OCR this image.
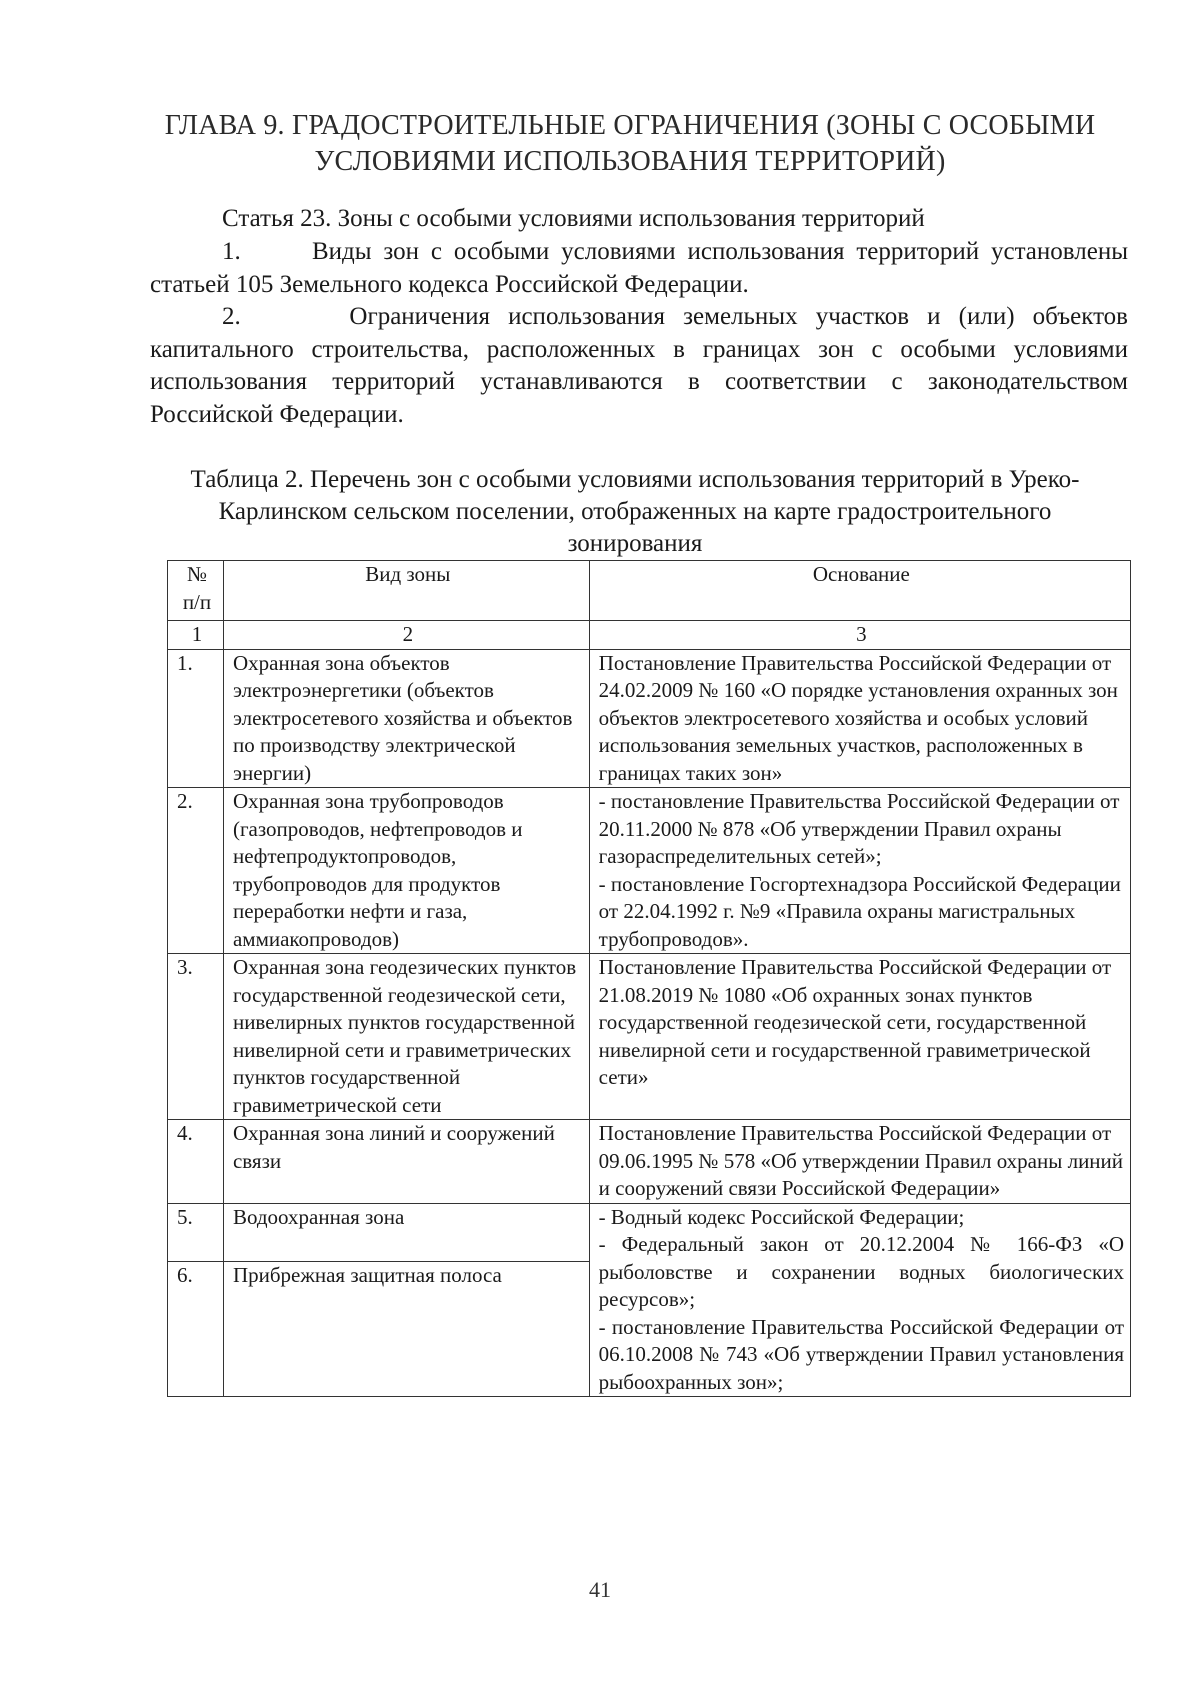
ГЛАВА 9. ГРАДОСТРОИТЕЛЬНЫЕ ОГРАНИЧЕНИЯ (ЗОНЫ С ОСОБЫМИ
УСЛОВИЯМИ ИСПОЛЬЗОВАНИЯ ТЕРРИТОРИЙ)
Статья 23. Зоны с особыми условиями использования территорий
1.      Виды зон с особыми условиями использования территорий установлены статьей 105 Земельного кодекса Российской Федерации.
2.      Ограничения использования земельных участков и (или) объектов капитального строительства, расположенных в границах зон с особыми условиями использования территорий устанавливаются в соответствии с законодательством Российской Федерации.
Таблица 2. Перечень зон с особыми условиями использования территорий в Уреко-Карлинском сельском поселении, отображенных на карте градостроительного зонирования
№ п/п	Вид зоны	Основание
1	2	3
1.	Охранная зона объектов электроэнергетики (объектов электросетевого хозяйства и объектов по производству электрической энергии)	Постановление Правительства Российской Федерации от 24.02.2009 № 160 «О порядке установления охранных зон объектов электросетевого хозяйства и особых условий использования земельных участков, расположенных в границах таких зон»

2.	Охранная зона трубопроводов (газопроводов, нефтепроводов и нефтепродуктопроводов, трубопроводов для продуктов переработки нефти и газа, аммиакопроводов)	- постановление Правительства Российской Федерации от 20.11.2000 № 878 «Об утверждении Правил охраны газораспределительных сетей»;

- постановление Госгортехнадзора Российской Федерации от 22.04.1992 г. №9 «Правила охраны магистральных трубопроводов».

3.	Охранная зона геодезических пунктов государственной геодезической сети, нивелирных пунктов государственной нивелирной сети и гравиметрических пунктов государственной гравиметрической сети	Постановление Правительства Российской Федерации от 21.08.2019 № 1080 «Об охранных зонах пунктов государственной геодезической сети, государственной нивелирной сети и государственной гравиметрической сети»

4.	Охранная зона линий и сооружений связи	Постановление Правительства Российской Федерации от 09.06.1995 № 578 «Об утверждении Правил охраны линий и сооружений связи Российской Федерации»

5.	Водоохранная зона	- Водный кодекс Российской Федерации;

- Федеральный закон от 20.12.2004 № 166-ФЗ «О рыболовстве и сохранении водных биологических ресурсов»;

- постановление Правительства Российской Федерации от 06.10.2008 № 743 «Об утверждении Правил установления рыбоохранных зон»;

6.	Прибрежная защитная полоса	
41
